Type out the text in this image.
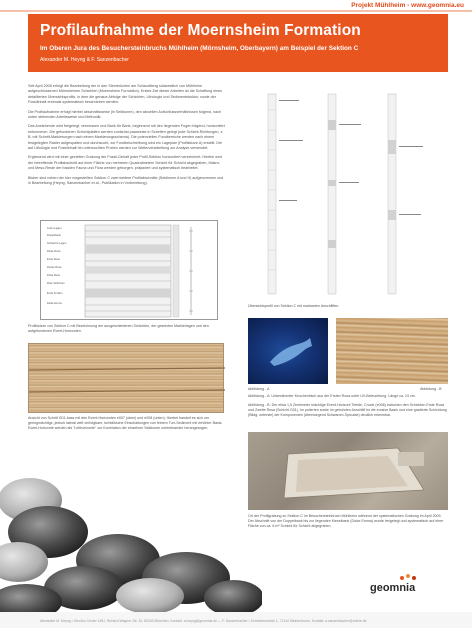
Projekt Mühlheim - www.geomnia.eu
Profilaufnahme der Moernsheim Formation
Im Oberen Jura des Besuchersteinbruchs Mühlheim (Mörnsheim, Oberbayern) am Beispiel der Sektion C
Alexander M. Heyng & F. Sanzenbacher

Seit April 2008 erfolgt die Bearbeitung der in den Steinbrüchen am Schaudiberg südwestlich von Mühlheim aufgeschlossenen Mörnsheimer Schichten (Moernsheim Formation). Erstes Ziel dieser Arbeiten ist die Schaffung eines detaillierten Übersichtsprofils, in dem die genaue Abfolge der Schichten, Lithologie und Sedimentstruktur, sowie der Fossilinhalt erstmals systematisch beschrieben werden.

Die Profilaufnahme erfolgt hierbei abschnittsweise (in Sektionen), den aktuellen Aufschlussverhältnissen folgend, nach unten stehenden Arbeitsweise und Methodik:

Das Anstehende wird freigelegt, vermessen und Bank für Bank, beginnend mit den liegenden Fugen folgend, horizontiert entnommen. Die gefundenen Schichtplatten werden zunächst paarweise in Schelfen gelegt (rote Schicht-Richtungen, z. B. mit Schnitt-Markierungen nach einem Markierungsschema). Die potenziellen Fundbereiche werden nach einem festgelegten Raster aufgespalten und durchsucht, zur Fundbeschreibung wird ein Lageplan (Profilskizze A) erstellt. Die auf Lithologie und Fossilinhalt hin untersuchten Proben werden zur Weiterverarbeitung zur Analyse verwendet.

Ergänzend wird mit einer gezielten Grabung der Fossil-Gehalt jeder Profil-Sektion horizontiert verzeichnet. Hierbei wird der betreffende Profilabschnitt auf einer Fläche von mehreren Quadratmetern Schicht für Schicht abgegraben, Makro- und Meso-Reste der fossilen Fauna und Flora werden geborgen, präpariert und systematisch bearbeitet.

Bisher sind neben der hier vorgestellten Sektion C zwei weitere Profilabschnitte (Sektionen A und H) aufgenommen und in Bearbeitung (Heyng, Sanzenbacher et al., Publikation in Vorbereitung).

Lehm-Lagen
Doppelbank
Schwarze Lagen
Dicke Rosa
Erste Rosa
Zweite Rosa
Dritte Rosa
Rote Schichten
Erste Knollen
Dicke Emma
Profilskizze von Sektion C mit Bezeichnung der ausgeschiedenen Schichten, der gesetzten Markierlagen und den aufgefundenen Event-Horizonten.
Ansicht von Schritt G01-bass mit den Event-Horizonten e007 (oben) und e008 (unten). Hierbei handelt es sich um geringmächtige, jedoch lateral weit verfolgbare, turbiditische Einschaltungen von feinem Turr-Sediment mit erhöhter Basis. Event-Horizonte werden als "Leithorizonte" zur Korrelation der einzelnen Sektionen untereinander herangezogen.
Übersichtsprofil von Sektion C mit markanten Anschliffen.
Abbildung - A	Abbildung - B
Abbildung - A: Unbestimmter Knochenfisch aus der Ersten Rosa unter UV-Beleuchtung. Länge ca. 24 cm.
Abbildung - B: Der etwa 1,5 Zentimeter mächtige Event-Horizont Tiefste, Crucie (e008) zwischen den Schichten Erste Rosa und Zweite Rosa (Schicht G01). Im polierten sowie im gebohrten Anschliff ist die erosive Basis und eine gradierte Schichtung (Bildg. unterste) der Komponenten (überwiegend Schwamm-Spiculae) deutlich erkennbar.
Ort der Profilgrabung zu Sektion C im Besuchersteinbruch Mühlheim während der systematischen Grabung im April 2009. Der Abschnitt von der Doppelbank bis zur liegenden Kieselbank (Dicke Emma) wurde freigelegt und systematisch auf einer Fläche von ca. 6 m² Schicht für Schicht abgegraben.
geomnia
Alexander M. Heyng • Geoöko Center LMU, Richard-Wagner-Str. 10, 80333 München, Kontakt: a.heyng@geomnia.de — F. Sanzenbacher • Schreinerstraße 1, 71144 Steinenbronn, Kontakt: a.sanzenbacher@online.de
